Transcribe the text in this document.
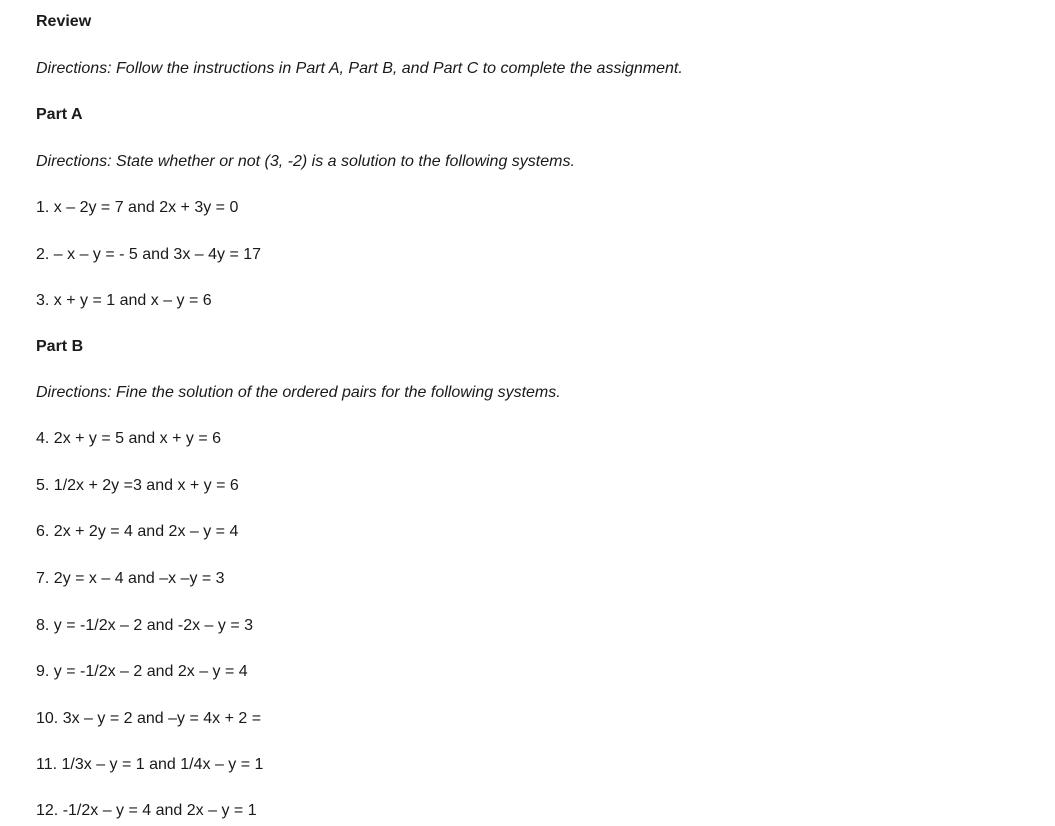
Review
Directions: Follow the instructions in Part A, Part B, and Part C to complete the assignment.
Part A
Directions: State whether or not (3, -2) is a solution to the following systems.
1. x – 2y = 7 and 2x + 3y = 0
2. – x – y = - 5 and 3x – 4y = 17
3. x + y = 1 and x – y = 6
Part B
Directions: Fine the solution of the ordered pairs for the following systems.
4. 2x + y = 5 and x + y = 6
5. 1/2x + 2y =3 and x + y = 6
6. 2x + 2y = 4 and 2x – y = 4
7. 2y = x – 4 and –x –y = 3
8. y = -1/2x – 2 and -2x – y = 3
9. y = -1/2x – 2 and 2x – y = 4
10. 3x – y = 2 and –y = 4x + 2 =
11. 1/3x – y = 1 and 1/4x – y = 1
12. -1/2x – y = 4 and 2x – y = 1
